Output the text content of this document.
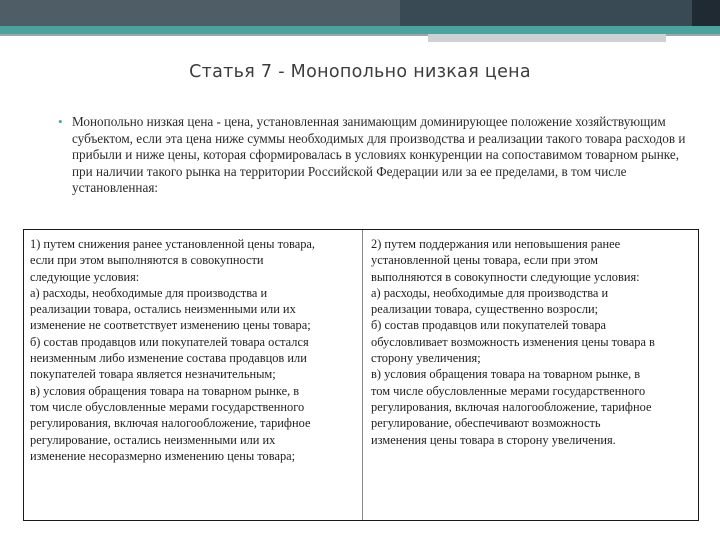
Статья 7 - Монопольно низкая цена
• Монопольно низкая цена - цена, установленная занимающим доминирующее положение хозяйствующим субъектом, если эта цена ниже суммы необходимых для производства и реализации такого товара расходов и прибыли и ниже цены, которая сформировалась в условиях конкуренции на сопоставимом товарном рынке, при наличии такого рынка на территории Российской Федерации или за ее пределами, в том числе установленная:
1) путем снижения ранее установленной цены товара,
если при этом выполняются в совокупности
следующие условия:
а) расходы, необходимые для производства и
реализации товара, остались неизменными или их
изменение не соответствует изменению цены товара;
б) состав продавцов или покупателей товара остался
неизменным либо изменение состава продавцов или
покупателей товара является незначительным;
в) условия обращения товара на товарном рынке, в
том числе обусловленные мерами государственного
регулирования, включая налогообложение, тарифное
регулирование, остались неизменными или их
изменение несоразмерно изменению цены товара;
2) путем поддержания или неповышения ранее
установленной цены товара, если при этом
выполняются в совокупности следующие условия:
а) расходы, необходимые для производства и
реализации товара, существенно возросли;
б) состав продавцов или покупателей товара
обусловливает возможность изменения цены товара в
сторону увеличения;
в) условия обращения товара на товарном рынке, в
том числе обусловленные мерами государственного
регулирования, включая налогообложение, тарифное
регулирование, обеспечивают возможность
изменения цены товара в сторону увеличения.
